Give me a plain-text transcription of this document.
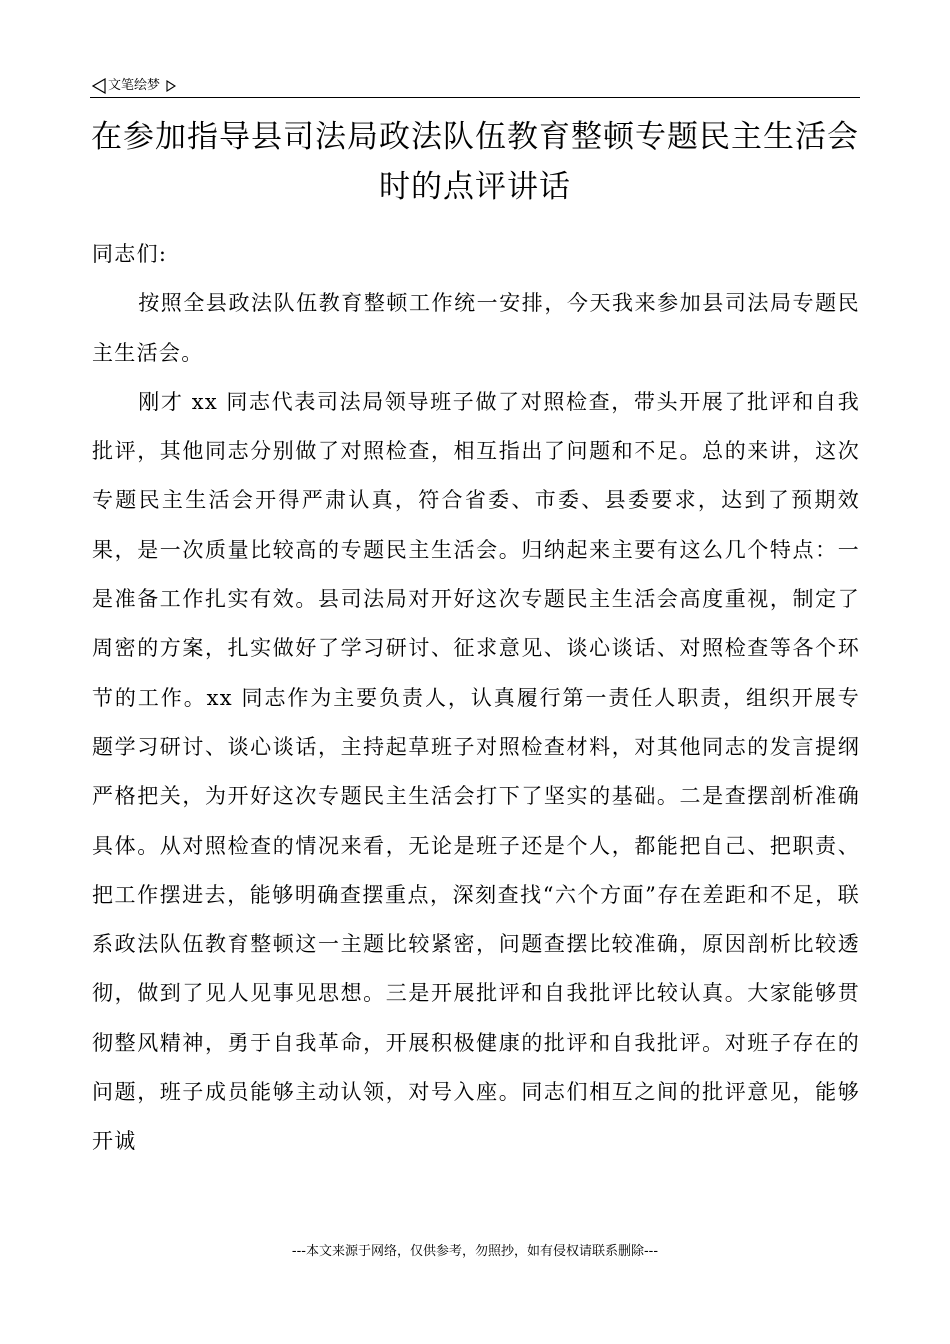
文笔绘梦
在参加指导县司法局政法队伍教育整顿专题民主生活会时的点评讲话

同志们:

按照全县政法队伍教育整顿工作统一安排，今天我来参加县司法局专题民主生活会。

刚才 xx 同志代表司法局领导班子做了对照检查，带头开展了批评和自我批评，其他同志分别做了对照检查，相互指出了问题和不足。总的来讲，这次专题民主生活会开得严肃认真，符合省委、市委、县委要求，达到了预期效果，是一次质量比较高的专题民主生活会。归纳起来主要有这么几个特点：一是准备工作扎实有效。县司法局对开好这次专题民主生活会高度重视，制定了周密的方案，扎实做好了学习研讨、征求意见、谈心谈话、对照检查等各个环节的工作。xx 同志作为主要负责人，认真履行第一责任人职责，组织开展专题学习研讨、谈心谈话，主持起草班子对照检查材料，对其他同志的发言提纲严格把关，为开好这次专题民主生活会打下了坚实的基础。二是查摆剖析准确具体。从对照检查的情况来看，无论是班子还是个人，都能把自己、把职责、把工作摆进去，能够明确查摆重点，深刻查找“六个方面”存在差距和不足，联系政法队伍教育整顿这一主题比较紧密，问题查摆比较准确，原因剖析比较透彻，做到了见人见事见思想。三是开展批评和自我批评比较认真。大家能够贯彻整风精神，勇于自我革命，开展积极健康的批评和自我批评。对班子存在的问题，班子成员能够主动认领，对号入座。同志们相互之间的批评意见，能够开诚

---本文来源于网络，仅供参考，勿照抄，如有侵权请联系删除---
